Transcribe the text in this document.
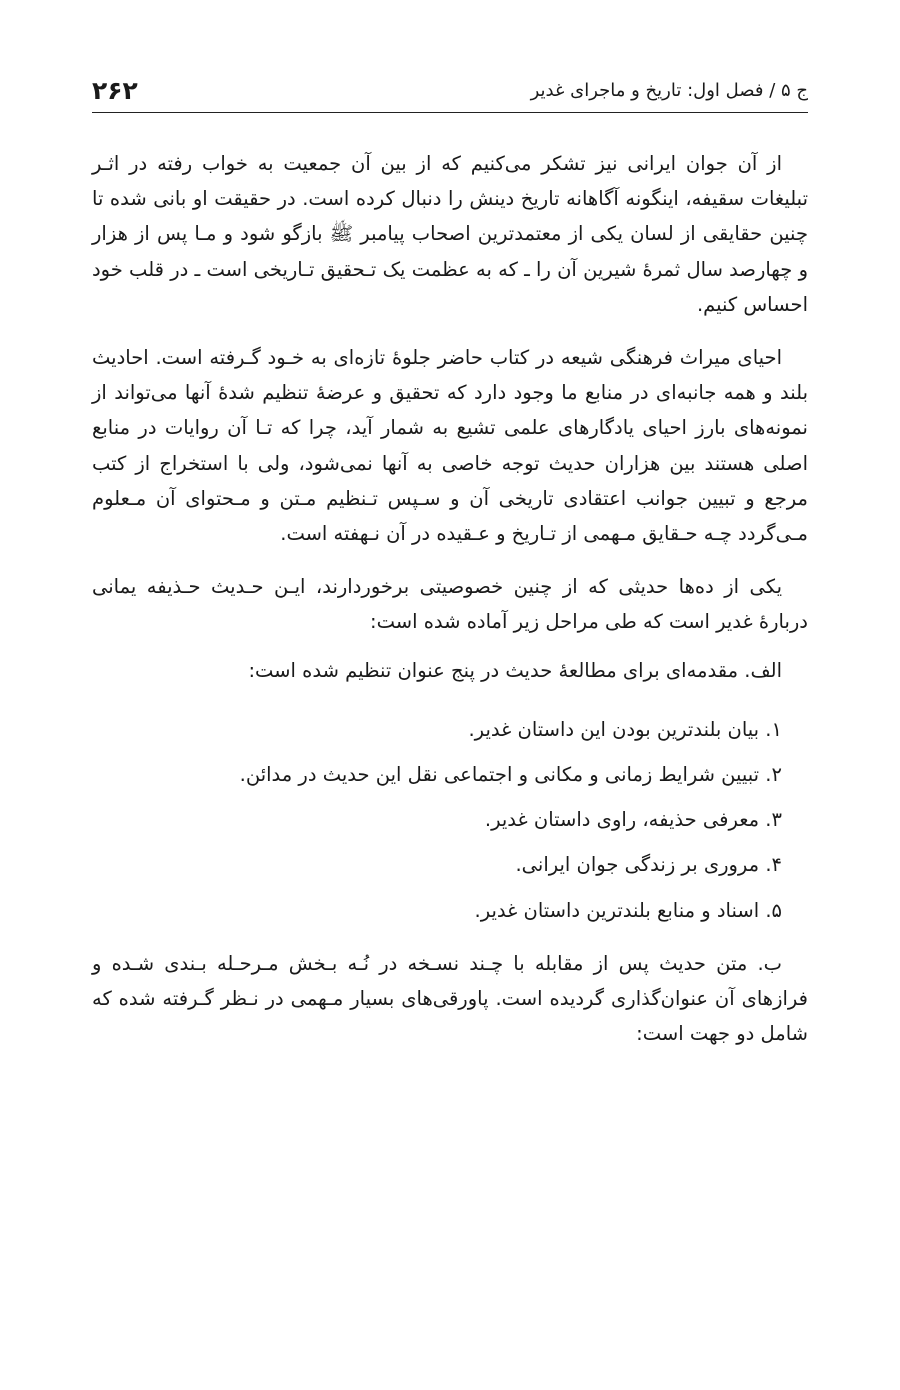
ج ۵ / فصل اول: تاریخ و ماجرای غدیر
۲۶۲

از آن جوان ایرانی نیز تشکر می‌کنیم که از بین آن جمعیت به خواب رفته در اثـر تبلیغات سقیفه، اینگونه آگاهانه تاریخ دینش را دنبال کرده است. در حقیقت او بانی شده تا چنین حقایقی از لسان یکی از معتمدترین اصحاب پیامبر ﷺ بازگو شود و مـا پس از هزار و چهارصد سال ثمرهٔ شیرین آن را ـ که به عظمت یک تـحقیق تـاریخی است ـ در قلب خود احساس کنیم.

احیای میراث فرهنگی شیعه در کتاب حاضر جلوهٔ تازه‌ای به خـود گـرفته است. احادیث بلند و همه جانبه‌ای در منابع ما وجود دارد که تحقیق و عرضهٔ تنظیم شدهٔ آنها می‌تواند از نمونه‌های بارز احیای یادگارهای علمی تشیع به شمار آید، چرا که تـا آن روایات در منابع اصلی هستند بین هزاران حدیث توجه خاصی به آنها نمی‌شود، ولی با استخراج از کتب مرجع و تبیین جوانب اعتقادی تاریخی آن و سـپس تـنظیم مـتن و مـحتوای آن مـعلوم مـی‌گردد چـه حـقایق مـهمی از تـاریخ و عـقیده در آن نـهفته است.

یکی از ده‌ها حدیثی که از چنین خصوصیتی برخوردارند، ایـن حـدیث حـذیفه یمانی دربارهٔ غدیر است که طی مراحل زیر آماده شده است:

الف. مقدمه‌ای برای مطالعهٔ حدیث در پنج عنوان تنظیم شده است:
۱. بیان بلندترین بودن این داستان غدیر.
۲. تبیین شرایط زمانی و مکانی و اجتماعی نقل این حدیث در مدائن.
۳. معرفی حذیفه، راوی داستان غدیر.
۴. مروری بر زندگی جوان ایرانی.
۵. اسناد و منابع بلندترین داستان غدیر.

ب. متن حدیث پس از مقابله با چـند نسـخه در نُـه بـخش مـرحـله بـندی شـده و فرازهای آن عنوان‌گذاری گردیده است. پاورقی‌های بسیار مـهمی در نـظر گـرفته شده که شامل دو جهت است:
